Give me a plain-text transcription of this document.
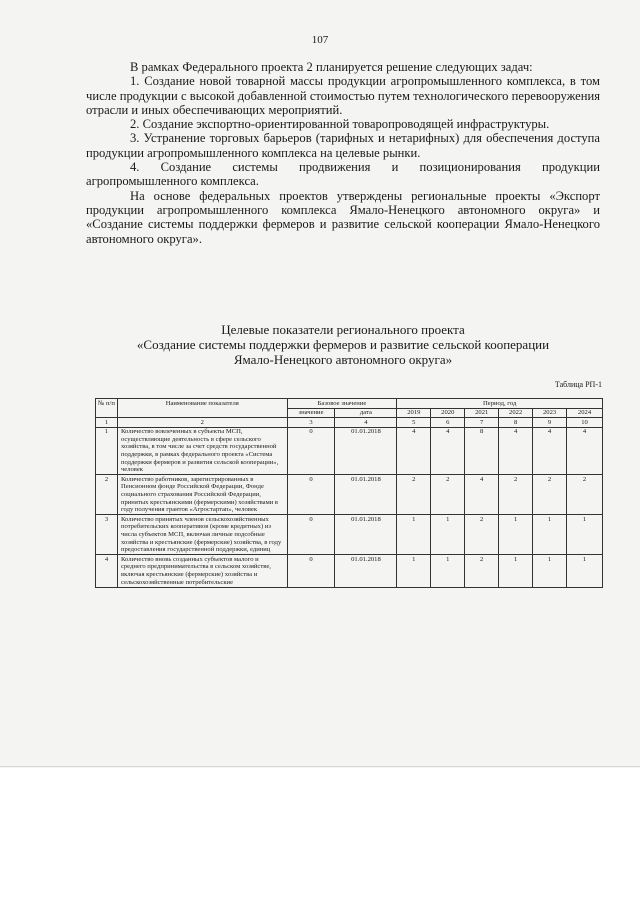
107

В рамках Федерального проекта 2 планируется решение следующих задач:

1. Создание новой товарной массы продукции агропромышленного комплекса, в том числе продукции с высокой добавленной стоимостью путем технологического перевооружения отрасли и иных обеспечивающих мероприятий.

2. Создание экспортно-ориентированной товаропроводящей инфраструктуры.

3. Устранение торговых барьеров (тарифных и нетарифных) для обеспечения доступа продукции агропромышленного комплекса на целевые рынки.

4. Создание системы продвижения и позиционирования продукции агропромышленного комплекса.

На основе федеральных проектов утверждены региональные проекты «Экспорт продукции агропромышленного комплекса Ямало-Ненецкого автономного округа» и «Создание системы поддержки фермеров и развитие сельской кооперации Ямало-Ненецкого автономного округа».

Целевые показатели регионального проекта
«Создание системы поддержки фермеров и развитие сельской кооперации
Ямало-Ненецкого автономного округа»
Таблица РП-1
№ п/п	Наименование показателя	Базовое значение		Период, год					
		значение	дата	2019	2020	2021	2022	2023	2024
1	2	3	4	5	6	7	8	9	10
1	Количество вовлеченных в субъекты МСП, осуществляющие деятельность в сфере сельского хозяйства, в том числе за счет средств государственной поддержки, в рамках федерального проекта «Система поддержки фермеров и развития сельской кооперации», человек	0	01.01.2018	4	4	8	4	4	4
2	Количество работников, зарегистрированных в Пенсионном фонде Российской Федерации, Фонде социального страхования Российской Федерации, принятых крестьянскими (фермерскими) хозяйствами в году получения грантов «Агростартап», человек	0	01.01.2018	2	2	4	2	2	2
3	Количество принятых членов сельскохозяйственных потребительских кооперативов (кроме кредитных) из числа субъектов МСП, включая личные подсобные хозяйства и крестьянские (фермерские) хозяйства, в году предоставления государственной поддержки, единиц	0	01.01.2018	1	1	2	1	1	1
4	Количество вновь созданных субъектов малого и среднего предпринимательства в сельском хозяйстве, включая крестьянские (фермерские) хозяйства и сельскохозяйственные потребительские	0	01.01.2018	1	1	2	1	1	1
